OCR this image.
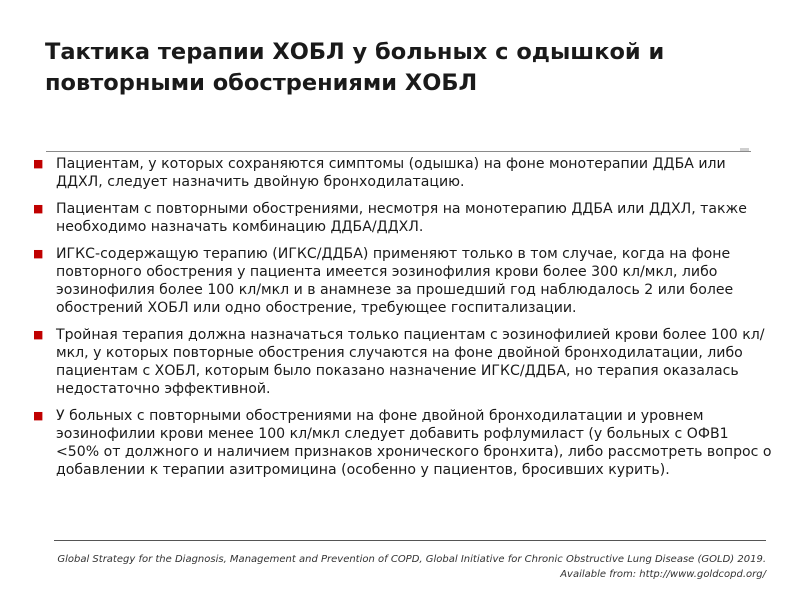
Тактика терапии ХОБЛ у больных с одышкой и повторными обострениями ХОБЛ
■ Пациентам, у которых сохраняются симптомы (одышка) на фоне монотерапии ДДБА или ДДХЛ, следует назначить двойную бронходилатацию.
■ Пациентам с повторными обострениями, несмотря на монотерапию ДДБА или ДДХЛ, также необходимо назначать комбинацию ДДБА/ДДХЛ.
■ ИГКС-содержащую терапию (ИГКС/ДДБА) применяют только в том случае, когда на фоне повторного обострения у пациента имеется эозинофилия крови более 300 кл/мкл, либо эозинофилия более 100 кл/мкл и в анамнезе за прошедший год наблюдалось 2 или более обострений ХОБЛ или одно обострение, требующее госпитализации.
■ Тройная терапия должна назначаться только пациентам с эозинофилией крови более 100 кл/мкл, у которых повторные обострения случаются на фоне двойной бронходилатации, либо пациентам с ХОБЛ, которым было показано назначение ИГКС/ДДБА, но терапия оказалась недостаточно эффективной.
■ У больных с повторными обострениями на фоне двойной бронходилатации и уровнем эозинофилии крови менее 100 кл/мкл следует добавить рофлумиласт (у больных с ОФВ1 <50% от должного и наличием признаков хронического бронхита), либо рассмотреть вопрос о добавлении к терапии азитромицина (особенно у пациентов, бросивших курить).

Global Strategy for the Diagnosis, Management and Prevention of COPD, Global Initiative for Chronic Obstructive Lung Disease (GOLD) 2019. Available from: http://www.goldcopd.org/
